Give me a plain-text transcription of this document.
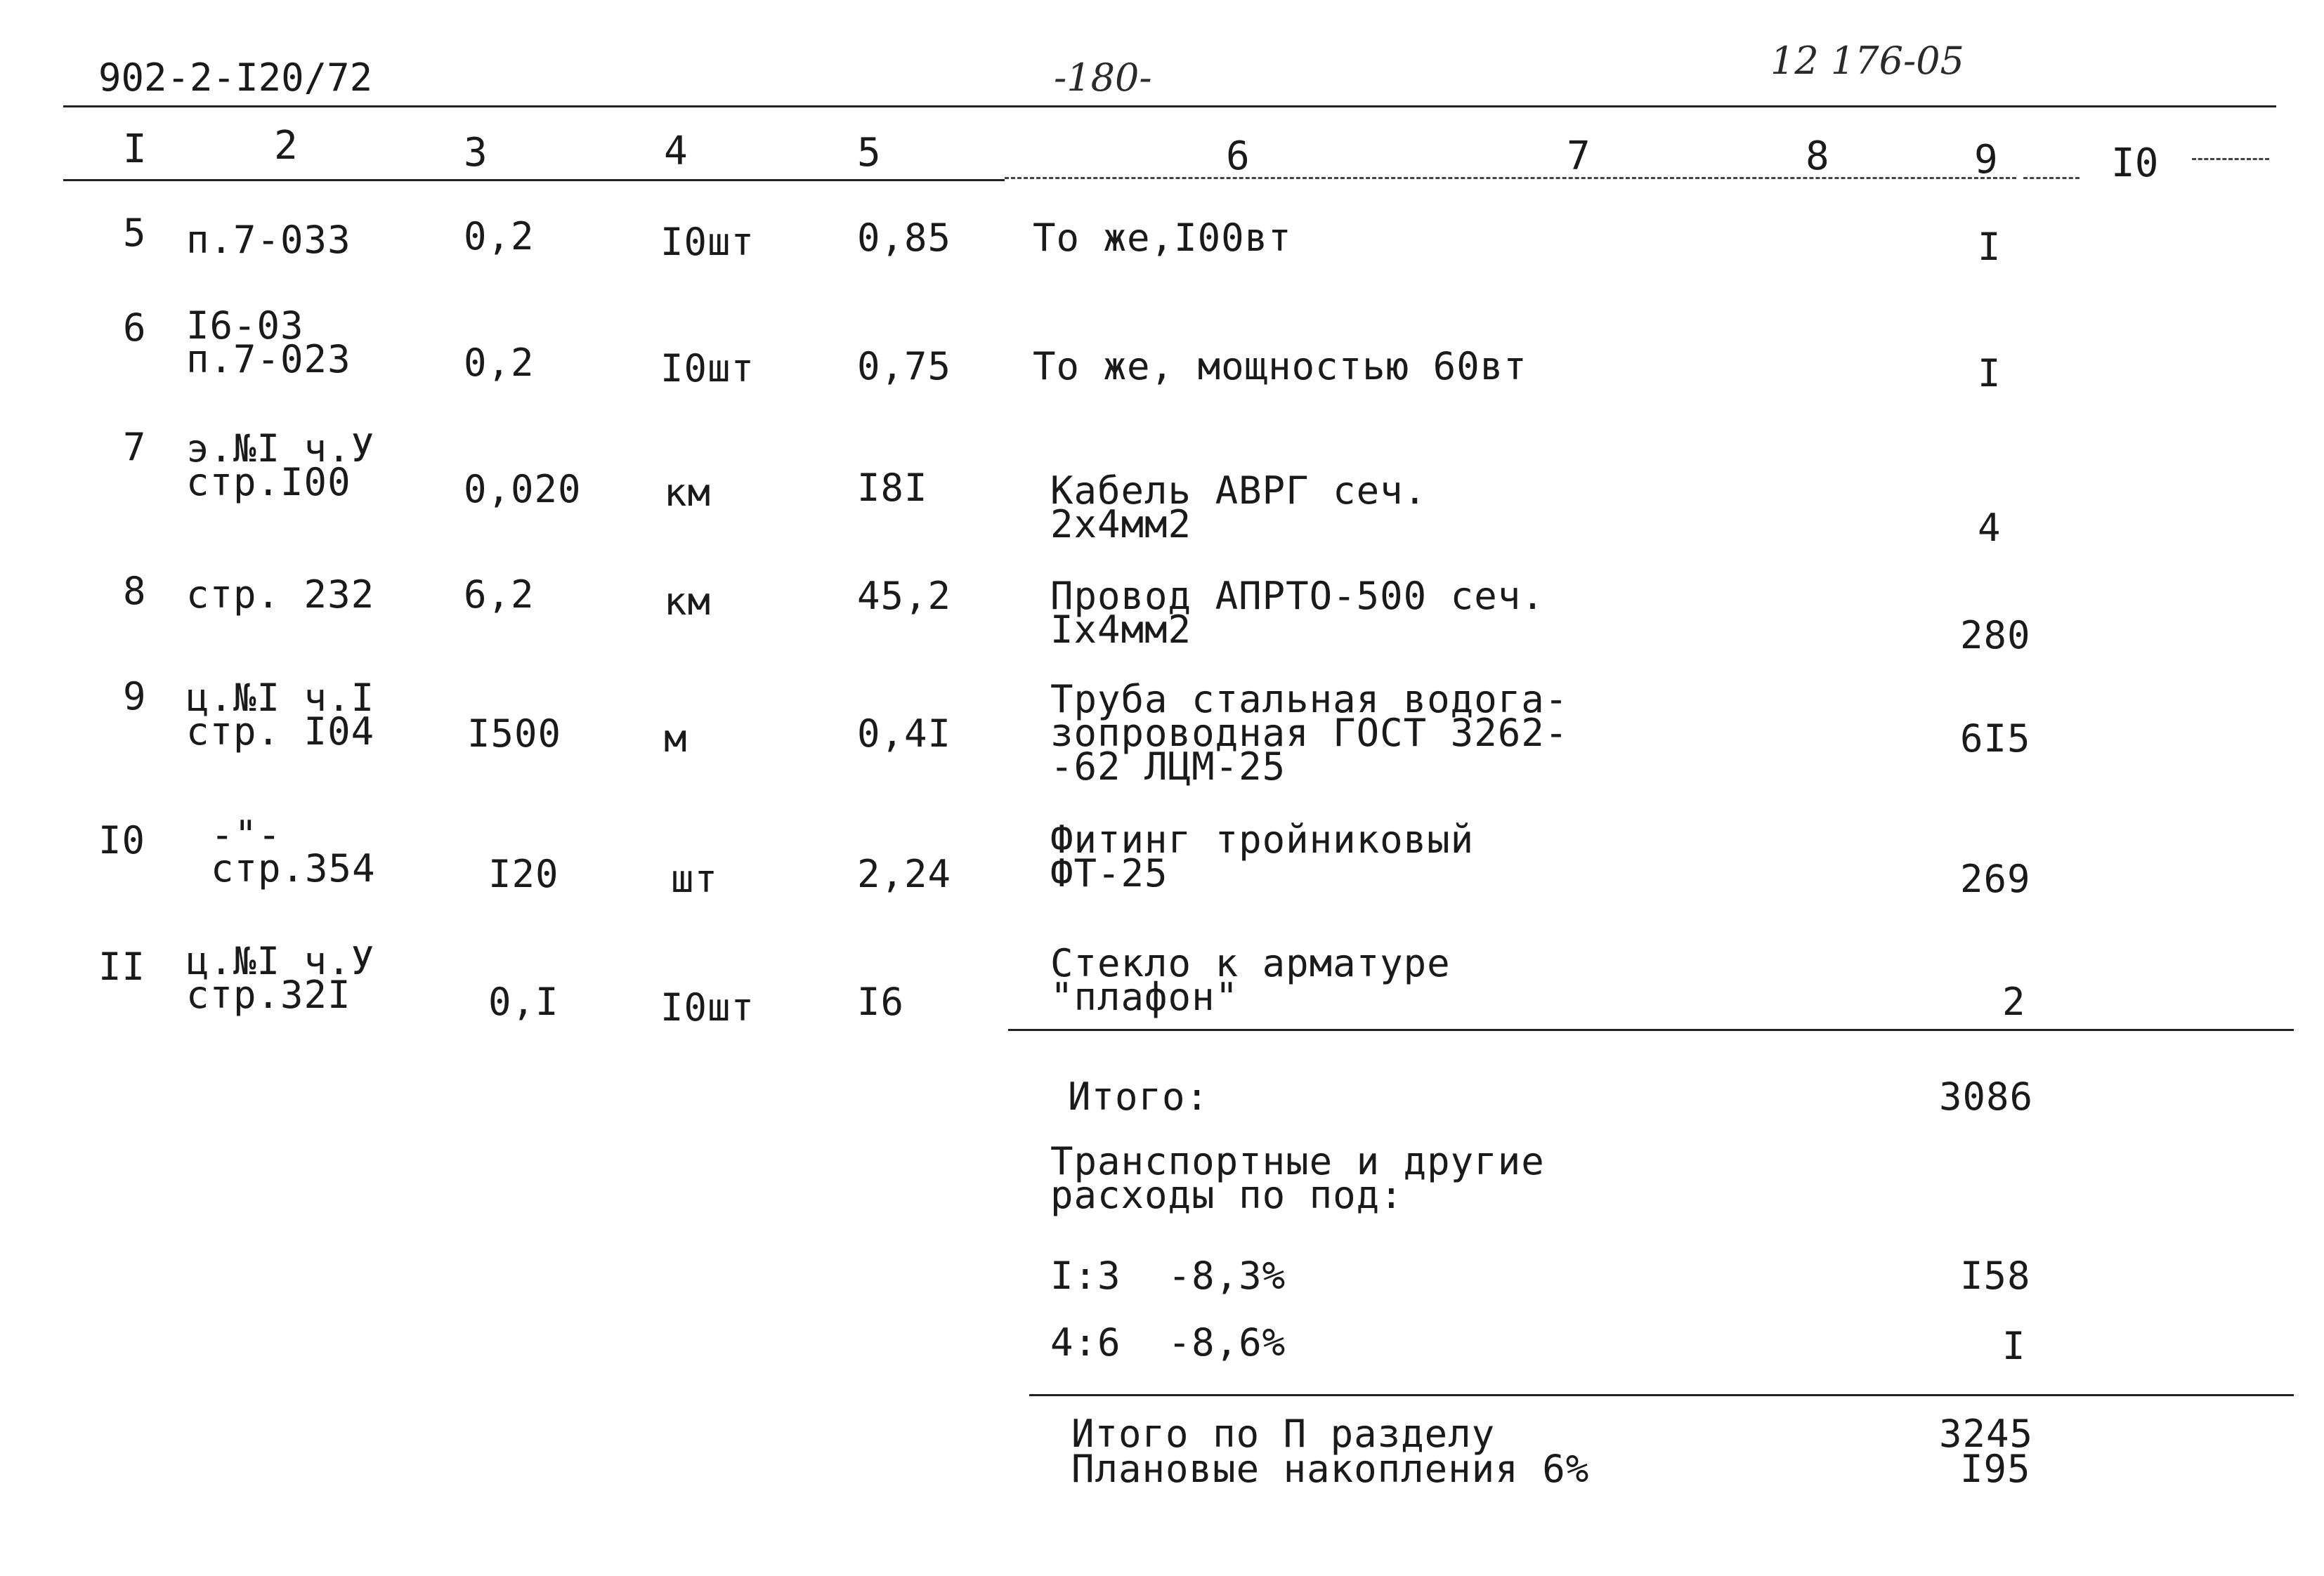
902-2-I20/72	-180-	12 176-05
I	2	3	4	5	6	7	8	9	I0
5 п.7-033	0,2	I0шт	0,85 То же,I00вт	I
6 I6-03
п.7-023	0,2	I0шт	0,75 То же, мощностью 60вт	I
7 э.№I ч.У
стр.I00	0,020 км	I8I	Кабель АВРГ сеч.
2х4мм2	4
8 стр. 232 6,2	км	45,2	Провод АПРТО-500 сеч.
Iх4мм2	280
9 ц.№I ч.I
стр. I04 I500	м	0,4I
Труба стальная водога-
зопроводная ГОСТ 3262-
-62 ЛЦМ-25
6I5
I0 -"-
стр.354	I20	шт	2,24
Фитинг тройниковый
ФТ-25	269
II ц.№I ч.У
стр.32I	0,I	I0шт	I6
Стекло к арматуре
"плафон"	2
Итого:	3086
Транспортные и другие
расходы по под:
I:3  -8,3%	I58
4:6  -8,6%	I
Итого по П разделу	3245
Плановые накопления 6%	I95
